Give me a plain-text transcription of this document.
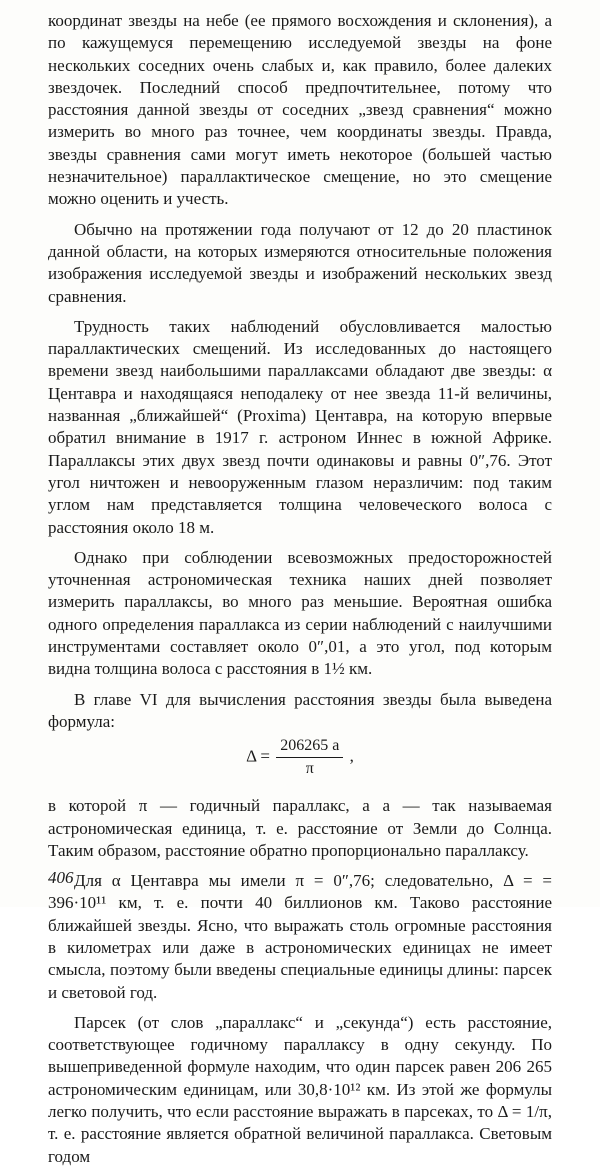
координат звезды на небе (ее прямого восхождения и склонения), а по кажущемуся перемещению исследуемой звезды на фоне нескольких соседних очень слабых и, как правило, более далеких звездочек. Последний способ предпочтительнее, потому что расстояния данной звезды от соседних „звезд сравнения“ можно измерить во много раз точнее, чем координаты звезды. Правда, звезды сравнения сами могут иметь некоторое (большей частью незначительное) параллактическое смещение, но это смещение можно оценить и учесть.

Обычно на протяжении года получают от 12 до 20 пластинок данной области, на которых измеряются относительные положения изображения исследуемой звезды и изображений нескольких звезд сравнения.

Трудность таких наблюдений обусловливается малостью параллактических смещений. Из исследованных до настоящего времени звезд наибольшими параллаксами обладают две звезды: α Центавра и находящаяся неподалеку от нее звезда 11-й величины, названная „ближайшей“ (Proxima) Центавра, на которую впервые обратил внимание в 1917 г. астроном Иннес в южной Африке. Параллаксы этих двух звезд почти одинаковы и равны 0″,76. Этот угол ничтожен и невооруженным глазом неразличим: под таким углом нам представляется толщина человеческого волоса с расстояния около 18 м.

Однако при соблюдении всевозможных предосторожностей уточненная астрономическая техника наших дней позволяет измерить параллаксы, во много раз меньшие. Вероятная ошибка одного определения параллакса из серии наблюдений с наилучшими инструментами составляет около 0″,01, а это угол, под которым видна толщина волоса с расстояния в 1½ км.

В главе VI для вычисления расстояния звезды была выведена формула:

$\Delta = \frac{206265 a}{\pi}$ ,

в которой π — годичный параллакс, а a — так называемая астрономическая единица, т. е. расстояние от Земли до Солнца. Таким образом, расстояние обратно пропорционально параллаксу.

Для α Центавра мы имели π = 0″,76; следовательно, Δ = = 396·10¹¹ км, т. е. почти 40 биллионов км. Таково расстояние ближайшей звезды. Ясно, что выражать столь огромные расстояния в километрах или даже в астрономических единицах не имеет смысла, поэтому были введены специальные единицы длины: парсек и световой год.

Парсек (от слов „параллакс“ и „секунда“) есть расстояние, соответствующее годичному параллаксу в одну секунду. По вышеприведенной формуле находим, что один парсек равен 206 265 астрономическим единицам, или 30,8·10¹² км. Из этой же формулы легко получить, что если расстояние выражать в парсеках, то Δ = 1/π, т. е. расстояние является обратной величиной параллакса. Световым годом

406
